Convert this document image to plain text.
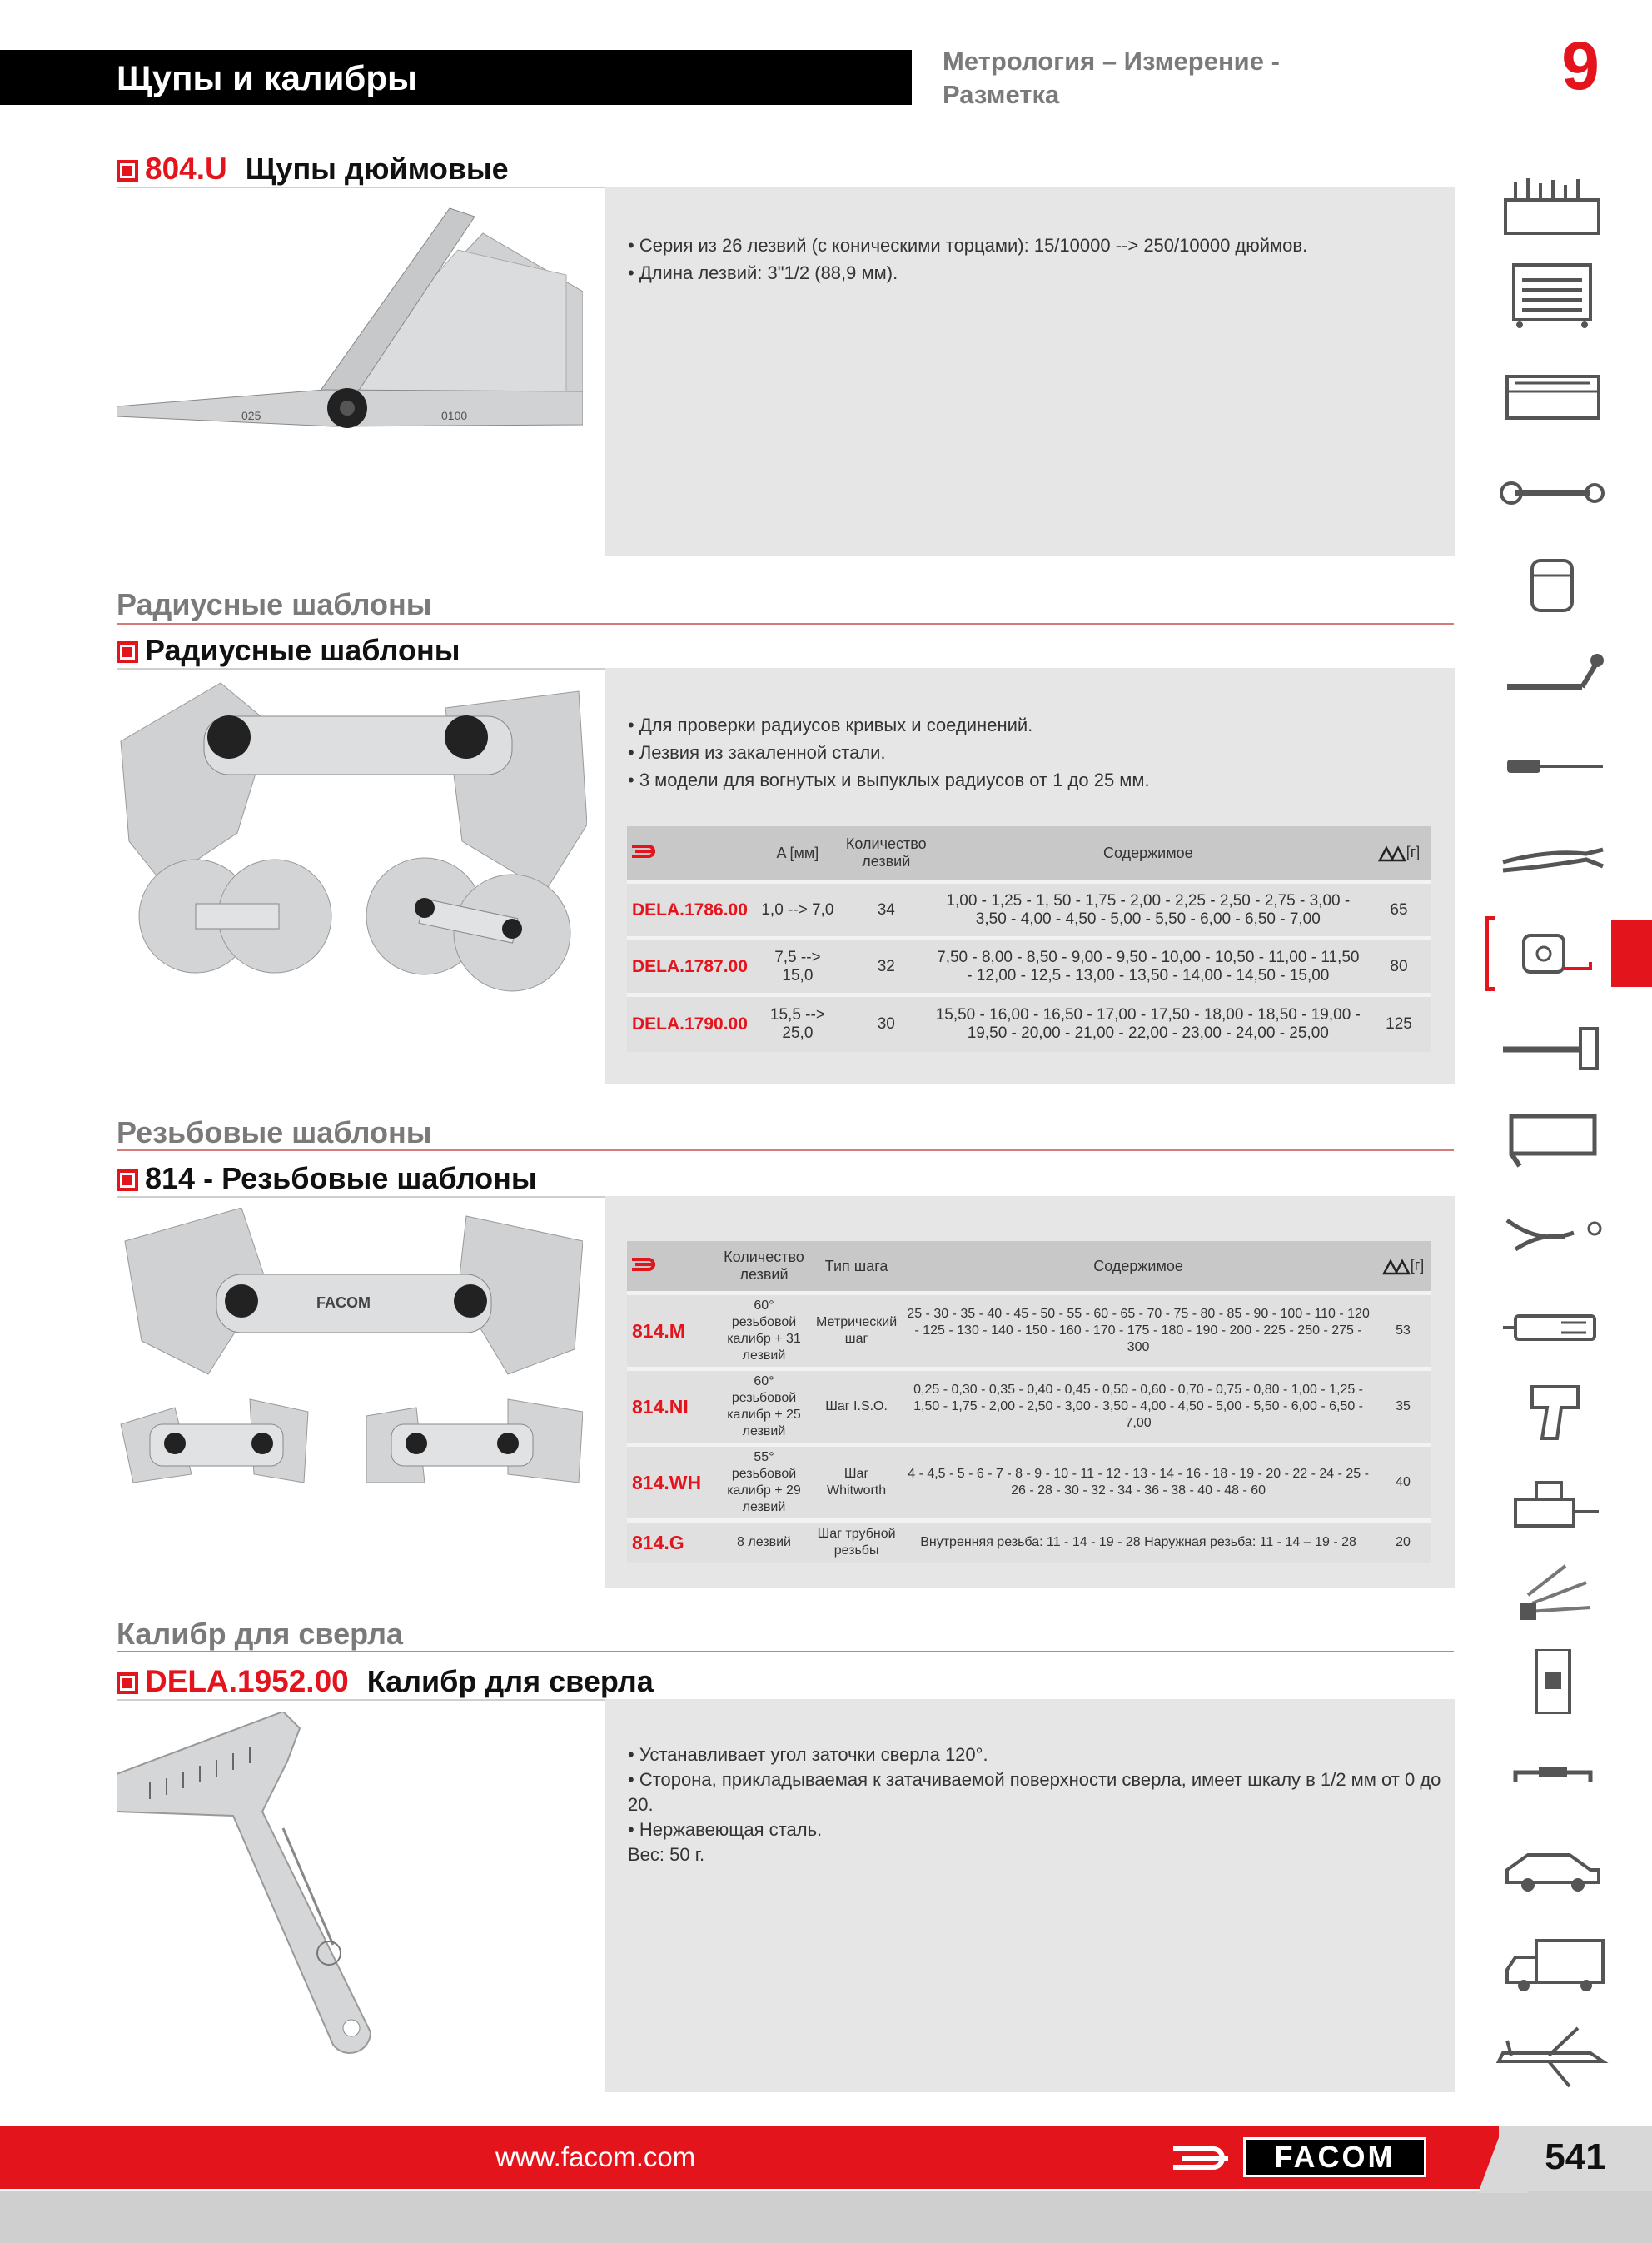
Щупы и калибры	Метрология – Измерение -
Разметка	9
804.U Щупы дюймовые
025	0100
• Серия из 26 лезвий (с коническими торцами): 15/10000 --> 250/10000 дюймов.
• Длина лезвий: 3"1/2 (88,9 мм).
Радиусные шаблоны
Радиусные шаблоны
• Для проверки радиусов кривых и соединений.
• Лезвия из закаленной стали.
• 3 модели для вогнутых и выпуклых радиусов от 1 до 25 мм.
	A [мм]	Количество лезвий	Содержимое	[г]
DELA.1786.00	1,0 --> 7,0	34	1,00 - 1,25 - 1, 50 - 1,75 - 2,00 - 2,25 - 2,50 - 2,75 - 3,00 - 3,50 - 4,00 - 4,50 - 5,00 - 5,50 - 6,00 - 6,50 - 7,00	65
DELA.1787.00	7,5 --> 15,0	32	7,50 - 8,00 - 8,50 - 9,00 - 9,50 - 10,00 - 10,50 - 11,00 - 11,50 - 12,00 - 12,5 - 13,00 - 13,50 - 14,00 - 14,50 - 15,00	80
DELA.1790.00	15,5 --> 25,0	30	15,50 - 16,00 - 16,50 - 17,00 - 17,50 - 18,00 - 18,50 - 19,00 - 19,50 - 20,00 - 21,00 - 22,00 - 23,00 - 24,00 - 25,00	125
Резьбовые шаблоны
814 - Резьбовые шаблоны
FACOM
	Количество лезвий	Тип шага	Содержимое	[г]
814.M	60° резьбовой калибр + 31 лезвий	Метрический шаг	25 - 30 - 35 - 40 - 45 - 50 - 55 - 60 - 65 - 70 - 75 - 80 - 85 - 90 - 100 - 110 - 120 - 125 - 130 - 140 - 150 - 160 - 170 - 175 - 180 - 190 - 200 - 225 - 250 - 275 - 300	53
814.NI	60° резьбовой калибр + 25 лезвий	Шаг I.S.O.	0,25 - 0,30 - 0,35 - 0,40 - 0,45 - 0,50 - 0,60 - 0,70 - 0,75 - 0,80 - 1,00 - 1,25 - 1,50 - 1,75 - 2,00 - 2,50 - 3,00 - 3,50 - 4,00 - 4,50 - 5,00 - 5,50 - 6,00 - 6,50 - 7,00	35
814.WH	55° резьбовой калибр + 29 лезвий	Шаг Whitworth	4 - 4,5 - 5 - 6 - 7 - 8 - 9 - 10 - 11 - 12 - 13 - 14 - 16 - 18 - 19 - 20 - 22 - 24 - 25 - 26 - 28 - 30 - 32 - 34 - 36 - 38 - 40 - 48 - 60	40
814.G	8 лезвий	Шаг трубной резьбы	Внутренняя резьба: 11 - 14 - 19 - 28 Наружная резьба: 11 - 14 – 19 - 28	20
Калибр для сверла
DELA.1952.00 Калибр для сверла
• Устанавливает угол заточки сверла 120°.
• Сторона, прикладываемая к затачиваемой поверхности сверла, имеет шкалу в 1/2 мм от 0 до 20.
• Нержавеющая сталь.
Вес: 50 г.
www.facom.com	FACOM	541
